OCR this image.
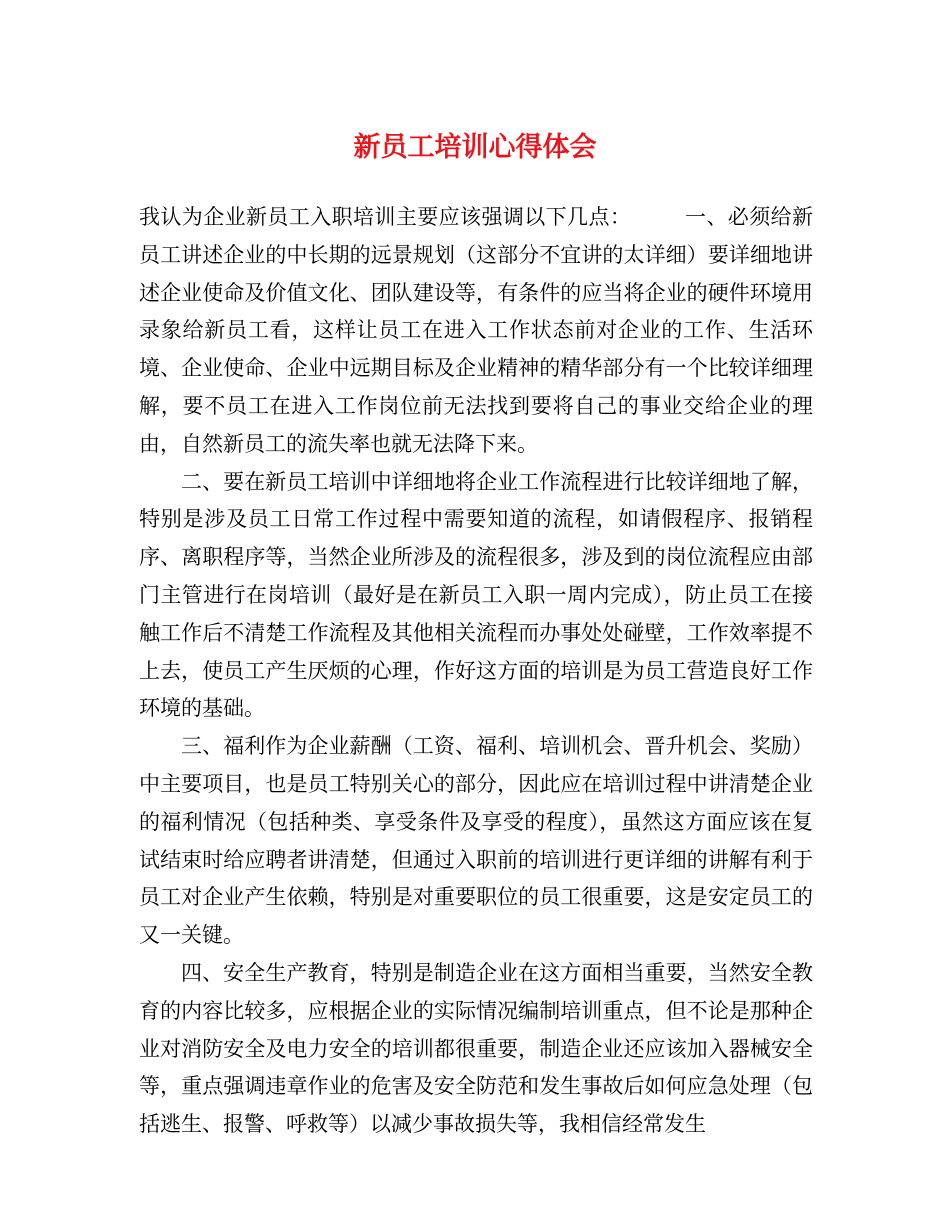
新员工培训心得体会

我认为企业新员工入职培训主要应该强调以下几点：　　　一、必须给新员工讲述企业的中长期的远景规划（这部分不宜讲的太详细）要详细地讲述企业使命及价值文化、团队建设等，有条件的应当将企业的硬件环境用录象给新员工看，这样让员工在进入工作状态前对企业的工作、生活环境、企业使命、企业中远期目标及企业精神的精华部分有一个比较详细理解，要不员工在进入工作岗位前无法找到要将自己的事业交给企业的理由，自然新员工的流失率也就无法降下来。

二、要在新员工培训中详细地将企业工作流程进行比较详细地了解，特别是涉及员工日常工作过程中需要知道的流程，如请假程序、报销程序、离职程序等，当然企业所涉及的流程很多，涉及到的岗位流程应由部门主管进行在岗培训（最好是在新员工入职一周内完成），防止员工在接触工作后不清楚工作流程及其他相关流程而办事处处碰壁，工作效率提不上去，使员工产生厌烦的心理，作好这方面的培训是为员工营造良好工作环境的基础。

三、福利作为企业薪酬（工资、福利、培训机会、晋升机会、奖励）中主要项目，也是员工特别关心的部分，因此应在培训过程中讲清楚企业的福利情况（包括种类、享受条件及享受的程度），虽然这方面应该在复试结束时给应聘者讲清楚，但通过入职前的培训进行更详细的讲解有利于员工对企业产生依赖，特别是对重要职位的员工很重要，这是安定员工的又一关键。

四、安全生产教育，特别是制造企业在这方面相当重要，当然安全教育的内容比较多，应根据企业的实际情况编制培训重点，但不论是那种企业对消防安全及电力安全的培训都很重要，制造企业还应该加入器械安全等，重点强调违章作业的危害及安全防范和发生事故后如何应急处理（包括逃生、报警、呼救等）以减少事故损失等，我相信经常发生
